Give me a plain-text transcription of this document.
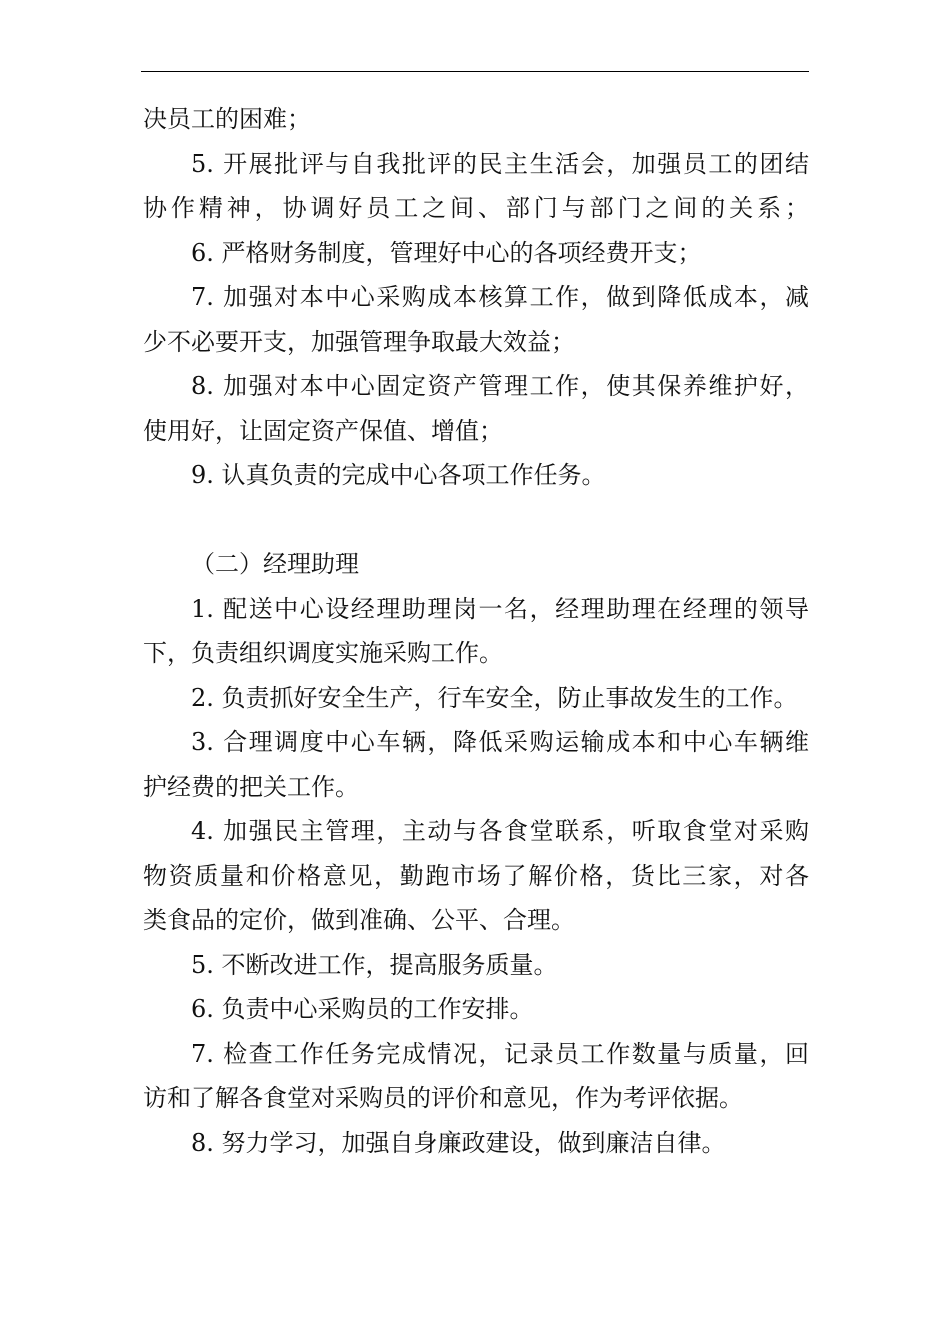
决员工的困难；
5. 开展批评与自我批评的民主生活会，加强员工的团结
协作精神，协调好员工之间、部门与部门之间的关系；
6. 严格财务制度，管理好中心的各项经费开支；
7. 加强对本中心采购成本核算工作，做到降低成本，减
少不必要开支，加强管理争取最大效益；
8. 加强对本中心固定资产管理工作，使其保养维护好，
使用好，让固定资产保值、增值；
9. 认真负责的完成中心各项工作任务。
（二）经理助理
1. 配送中心设经理助理岗一名，经理助理在经理的领导
下，负责组织调度实施采购工作。
2. 负责抓好安全生产，行车安全，防止事故发生的工作。
3. 合理调度中心车辆，降低采购运输成本和中心车辆维
护经费的把关工作。
4. 加强民主管理，主动与各食堂联系，听取食堂对采购
物资质量和价格意见，勤跑市场了解价格，货比三家，对各
类食品的定价，做到准确、公平、合理。
5. 不断改进工作，提高服务质量。
6. 负责中心采购员的工作安排。
7. 检查工作任务完成情况，记录员工作数量与质量，回
访和了解各食堂对采购员的评价和意见，作为考评依据。
8. 努力学习，加强自身廉政建设，做到廉洁自律。
